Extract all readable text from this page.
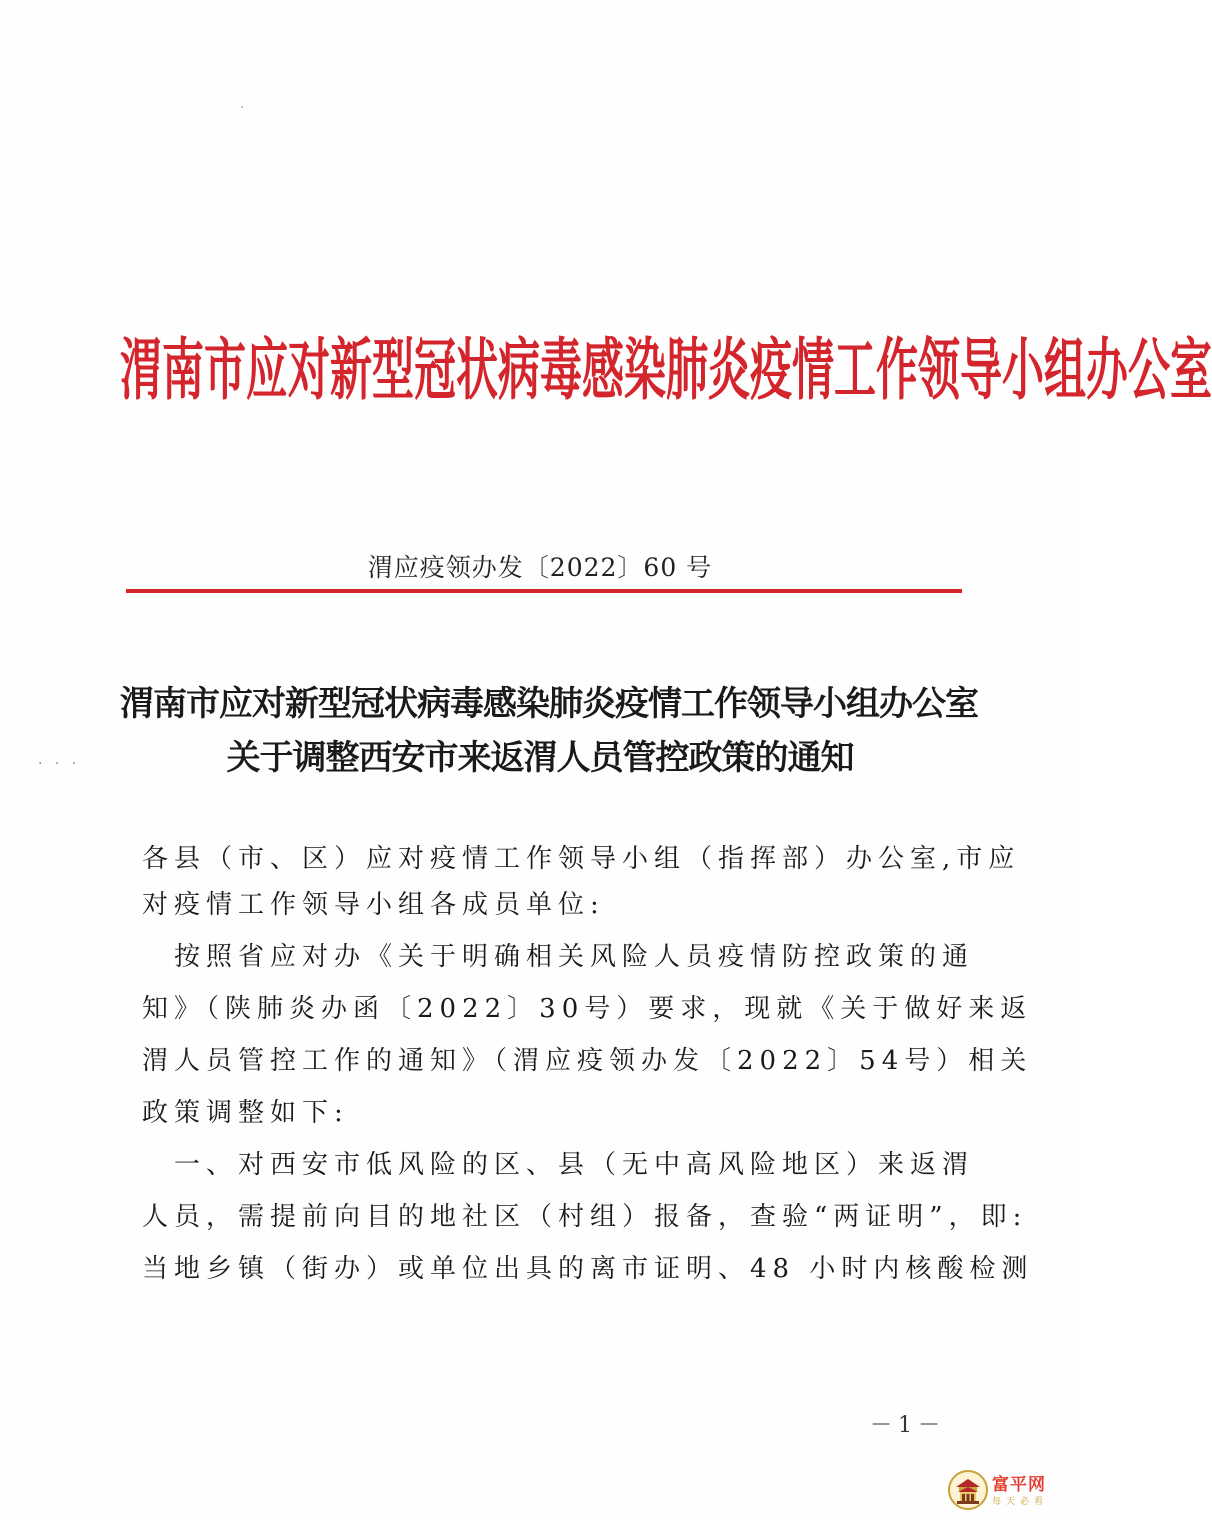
·
渭南市应对新型冠状病毒感染肺炎疫情工作领导小组办公室
渭应疫领办发〔2022〕60 号
渭南市应对新型冠状病毒感染肺炎疫情工作领导小组办公室
关于调整西安市来返渭人员管控政策的通知
· · ·
各县（市、区）应对疫情工作领导小组（指挥部）办公室,市应
对疫情工作领导小组各成员单位:
　按照省应对办《关于明确相关风险人员疫情防控政策的通
知》（陕肺炎办函〔2022〕30号）要求，现就《关于做好来返
渭人员管控工作的通知》（渭应疫领办发〔2022〕54号）相关
政策调整如下:
　一、对西安市低风险的区、县（无中高风险地区）来返渭
人员，需提前向目的地社区（村组）报备，查验“两证明”，即:
当地乡镇（街办）或单位出具的离市证明、48 小时内核酸检测
－1－
富平网
每天必看
